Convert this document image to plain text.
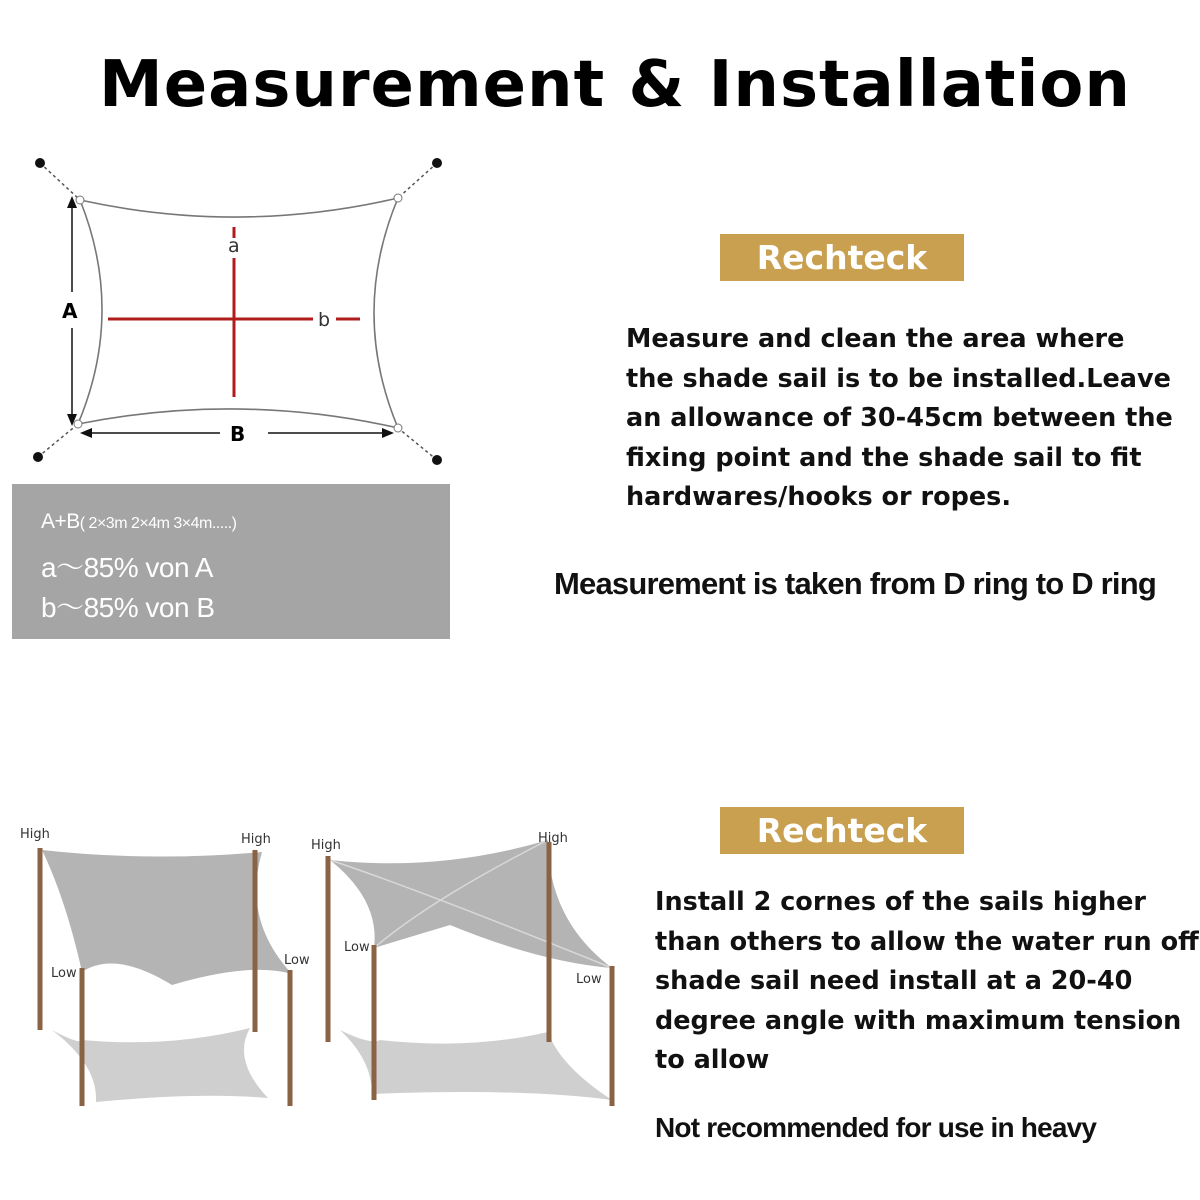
Measurement & Installation
A
B
a
b
High	High
Low
Low
High	High
Low
Low
A+B( 2×3m 2×4m 3×4m.....)
a～85% von A
b～85% von B
Rechteck
Measure and clean the area where
the shade sail is to be installed.Leave
an allowance of 30-45cm between the
fixing point and the shade sail to fit
hardwares/hooks or ropes.
Measurement is taken from D ring to D ring
Rechteck
Install 2 cornes of the sails higher
than others to allow the water run off
shade sail need install at a 20-40
degree angle with maximum tension
to allow
Not recommended for use in heavy
